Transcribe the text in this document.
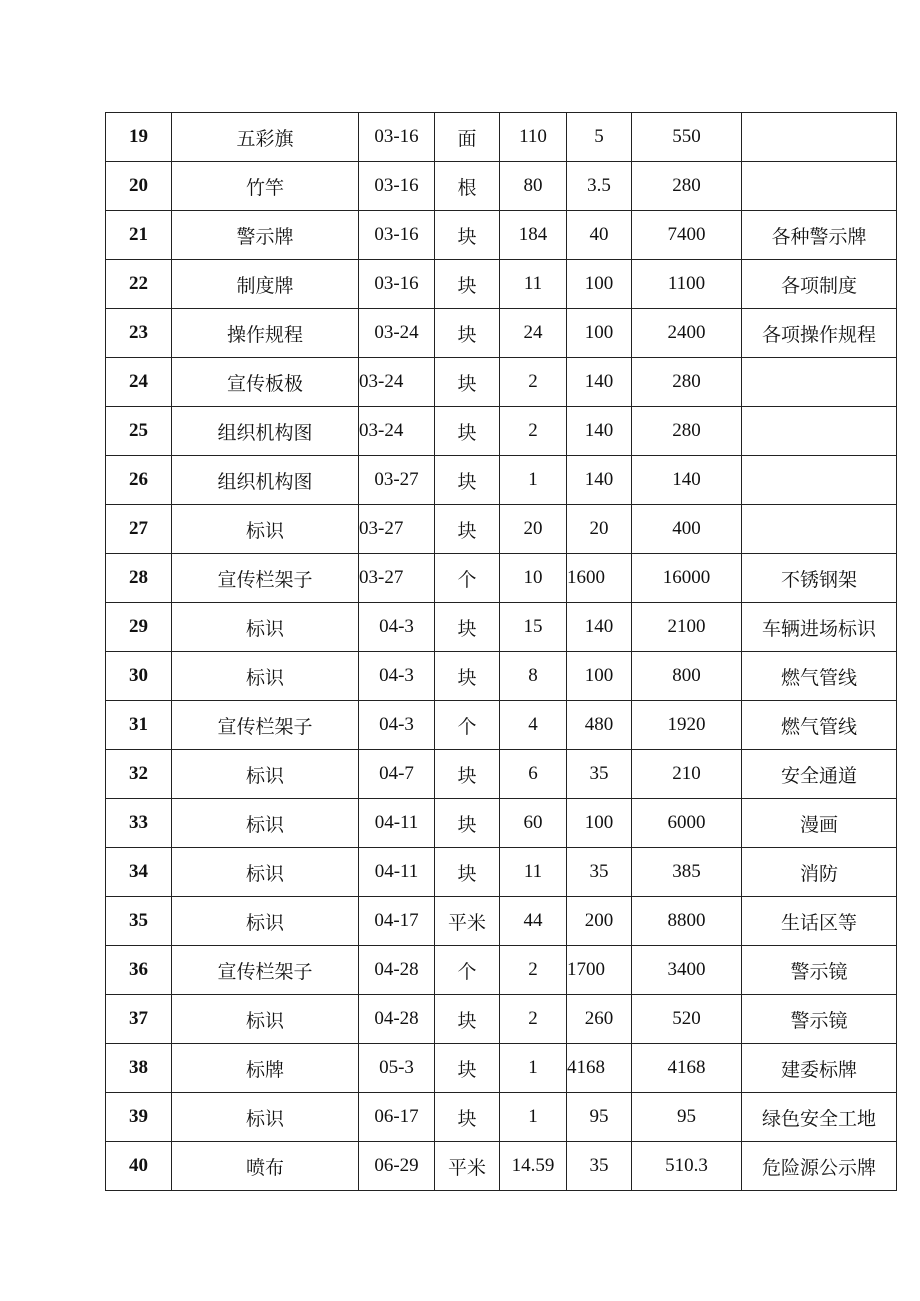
19	五彩旗	03-16	面	110	5	550	
20	竹竿	03-16	根	80	3.5	280	
21	警示牌	03-16	块	184	40	7400	各种警示牌
22	制度牌	03-16	块	11	100	1100	各项制度
23	操作规程	03-24	块	24	100	2400	各项操作规程
24	宣传板极	03-24	块	2	140	280	
25	组织机构图	03-24	块	2	140	280	
26	组织机构图	03-27	块	1	140	140	
27	标识	03-27	块	20	20	400	
28	宣传栏架子	03-27	个	10	1600	16000	不锈钢架
29	标识	04-3	块	15	140	2100	车辆进场标识
30	标识	04-3	块	8	100	800	燃气管线
31	宣传栏架子	04-3	个	4	480	1920	燃气管线
32	标识	04-7	块	6	35	210	安全通道
33	标识	04-11	块	60	100	6000	漫画
34	标识	04-11	块	11	35	385	消防
35	标识	04-17	平米	44	200	8800	生话区等
36	宣传栏架子	04-28	个	2	1700	3400	警示镜
37	标识	04-28	块	2	260	520	警示镜
38	标牌	05-3	块	1	4168	4168	建委标牌
39	标识	06-17	块	1	95	95	绿色安全工地
40	喷布	06-29	平米	14.59	35	510.3	危险源公示牌
